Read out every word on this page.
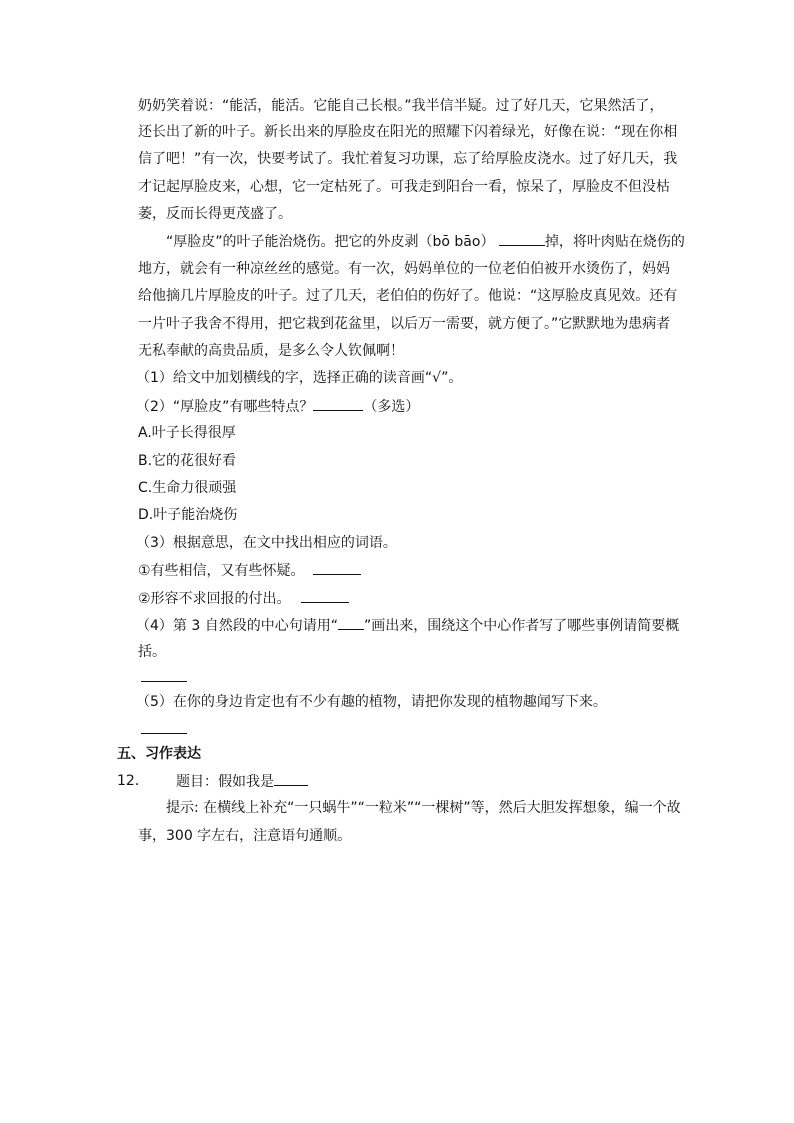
奶奶笑着说：“能活，能活。它能自己长根。”我半信半疑。过了好几天，它果然活了，
还长出了新的叶子。新长出来的厚脸皮在阳光的照耀下闪着绿光，好像在说：“现在你相
信了吧！”有一次，快要考试了。我忙着复习功课，忘了给厚脸皮浇水。过了好几天，我
才记起厚脸皮来，心想，它一定枯死了。可我走到阳台一看，惊呆了，厚脸皮不但没枯
萎，反而长得更茂盛了。
“厚脸皮”的叶子能治烧伤。把它的外皮剥（bō bāo）	掉，将叶肉贴在烧伤的
地方，就会有一种凉丝丝的感觉。有一次，妈妈单位的一位老伯伯被开水烫伤了，妈妈
给他摘几片厚脸皮的叶子。过了几天，老伯伯的伤好了。他说：“这厚脸皮真见效。还有
一片叶子我舍不得用，把它栽到花盆里，以后万一需要，就方便了。”它默默地为患病者
无私奉献的高贵品质，是多么令人钦佩啊！
（1）给文中加划横线的字，选择正确的读音画“√”。
（2）“厚脸皮”有哪些特点？	（多选）
A.叶子长得很厚
B.它的花很好看
C.生命力很顽强
D.叶子能治烧伤
（3）根据意思，在文中找出相应的词语。
①有些相信，又有些怀疑。
②形容不求回报的付出。
（4）第 3 自然段的中心句请用“ ”画出来，围绕这个中心作者写了哪些事例请简要概
括。
（5）在你的身边肯定也有不少有趣的植物，请把你发现的植物趣闻写下来。
五、习作表达
12． 题目：假如我是
提示: 在横线上补充“一只蜗牛”“一粒米”“一棵树”等，然后大胆发挥想象，编一个故
事，300 字左右，注意语句通顺。
